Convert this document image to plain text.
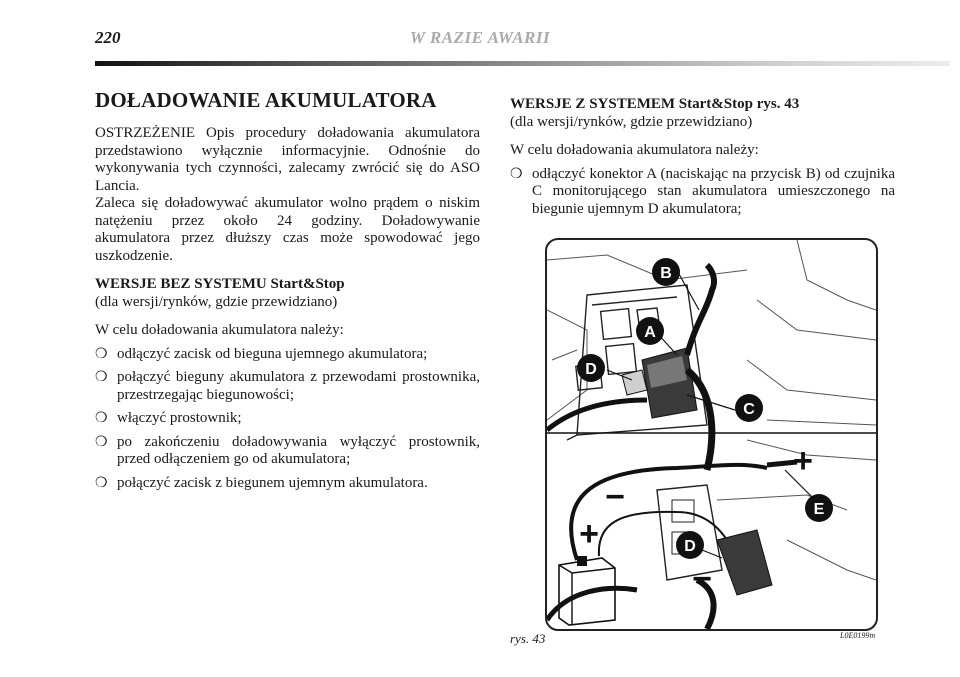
220	W RAZIE AWARII
DOŁADOWANIE AKUMULATORA

OSTRZEŻENIE Opis procedury doładowania akumulatora przedstawiono wyłącznie informacyjnie. Odnośnie do wykonywania tych czynności, zalecamy zwrócić się do ASO Lancia.

Zaleca się doładowywać akumulator wolno prądem o niskim natężeniu przez około 24 godziny. Doładowywanie akumulatora przez dłuższy czas może spowodować jego uszkodzenie.

WERSJE BEZ SYSTEMU Start&Stop

(dla wersji/rynków, gdzie przewidziano)

W celu doładowania akumulatora należy:

❍ odłączyć zacisk od bieguna ujemnego akumulatora;
❍ połączyć bieguny akumulatora z przewodami prostownika, przestrzegając biegunowości;
❍ włączyć prostownik;
❍ po zakończeniu doładowywania wyłączyć prostownik, przed odłączeniem go od akumulatora;
❍ połączyć zacisk z biegunem ujemnym akumulatora.

WERSJE Z SYSTEMEM Start&Stop rys. 43

(dla wersji/rynków, gdzie przewidziano)

W celu doładowania akumulatora należy:

❍ odłączyć konektor A (naciskając na przycisk B) od czujnika C monitorującego stan akumulatora umieszczonego na biegunie ujemnym D akumulatora;
B
A
D
C
+
+
−
−
E
D
rys. 43	L0E0199m
